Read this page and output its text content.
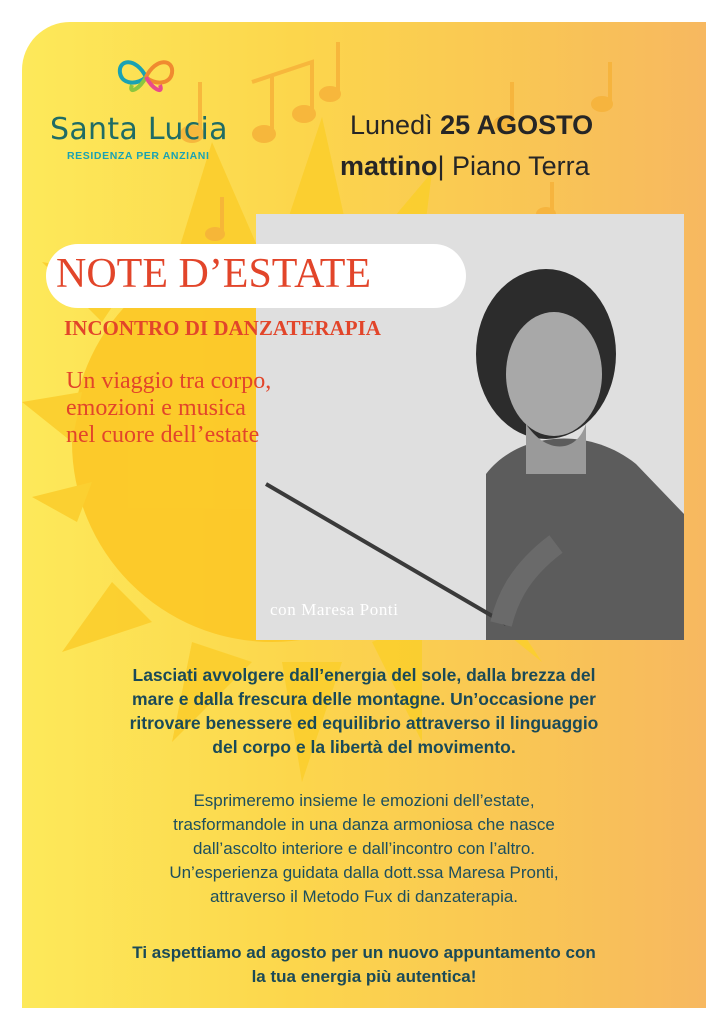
Santa Lucia
RESIDENZA PER ANZIANI
Lunedì 25 AGOSTO
mattino| Piano Terra
con Maresa Ponti
NOTE D’ESTATE
INCONTRO DI DANZATERAPIA
Un viaggio tra corpo,
emozioni e musica
nel cuore dell’estate
Lasciati avvolgere dall’energia del sole, dalla brezza del
mare e dalla frescura delle montagne. Un’occasione per
ritrovare benessere ed equilibrio attraverso il linguaggio
del corpo e la libertà del movimento.
Esprimeremo insieme le emozioni dell’estate,
trasformandole in una danza armoniosa che nasce
dall’ascolto interiore e dall’incontro con l’altro.
Un’esperienza guidata dalla dott.ssa Maresa Pronti,
attraverso il Metodo Fux di danzaterapia.
Ti aspettiamo ad agosto per un nuovo appuntamento con
la tua energia più autentica!
